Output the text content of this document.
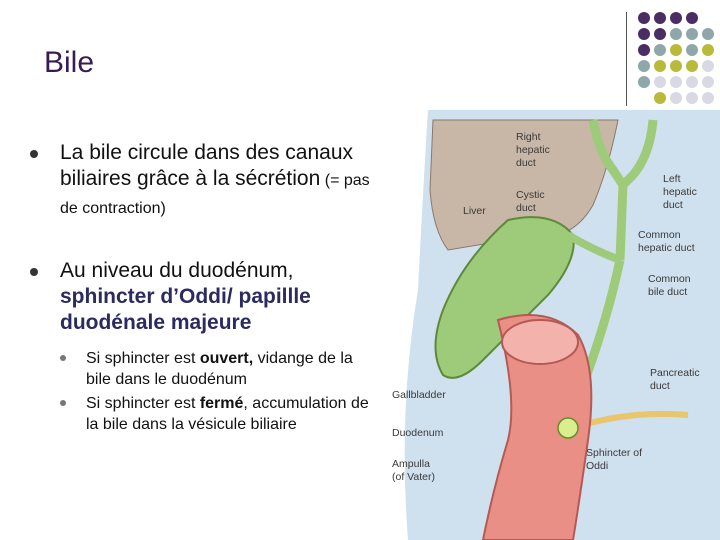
Bile
La bile circule dans des canaux biliaires grâce à la sécrétion (= pas de contraction)
Au niveau du duodénum, sphincter d’Oddi/ papillle duodénale majeure
Si sphincter est ouvert, vidange de la bile dans le duodénum
Si sphincter est fermé, accumulation de la bile dans la vésicule biliaire
Right
hepatic
duct
Left
hepatic
duct
Cystic
duct
Liver
Common
hepatic duct
Common
bile duct
Pancreatic
duct
Gallbladder
Duodenum
Sphincter of
Oddi
Ampulla
(of Vater)
